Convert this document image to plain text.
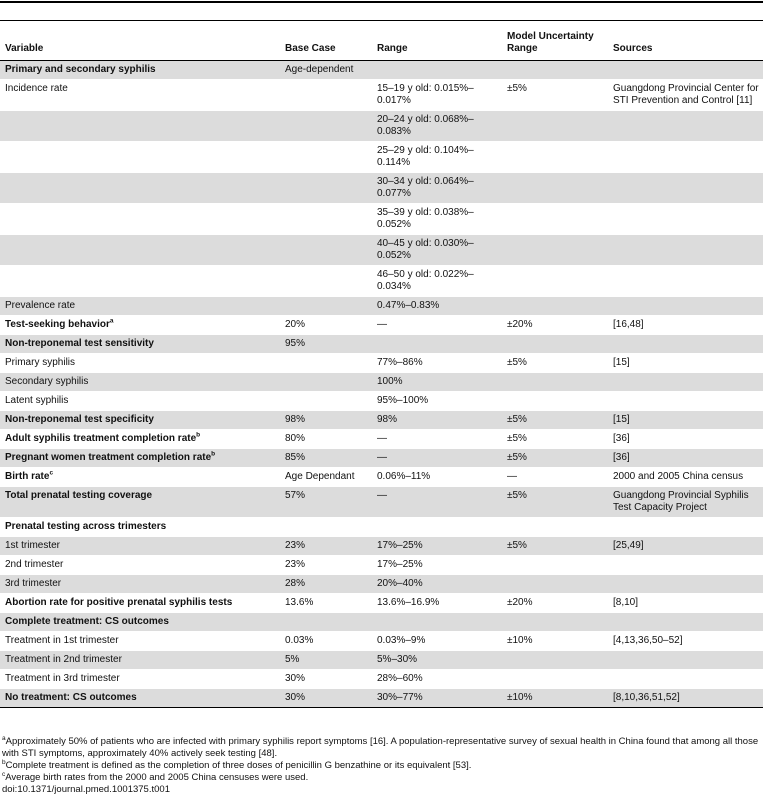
Variable	Base Case	Range	Model Uncertainty Range	Sources
Primary and secondary syphilis	Age-dependent			
Incidence rate		15–19 y old: 0.015%–0.017%	±5%	Guangdong Provincial Center for STI Prevention and Control [11]
		20–24 y old: 0.068%–0.083%		
		25–29 y old: 0.104%–0.114%		
		30–34 y old: 0.064%–0.077%		
		35–39 y old: 0.038%–0.052%		
		40–45 y old: 0.030%–0.052%		
		46–50 y old: 0.022%–0.034%		
Prevalence rate		0.47%–0.83%		
Test-seeking behavior$^a$	20%	—	±20%	[16,48]
Non-treponemal test sensitivity	95%			
Primary syphilis		77%–86%	±5%	[15]
Secondary syphilis		100%		
Latent syphilis		95%–100%		
Non-treponemal test specificity	98%	98%	±5%	[15]
Adult syphilis treatment completion rate$^b$	80%	—	±5%	[36]
Pregnant women treatment completion rate$^b$	85%	—	±5%	[36]
Birth rate$^c$	Age Dependant	0.06%–11%	—	2000 and 2005 China census
Total prenatal testing coverage	57%	—	±5%	Guangdong Provincial Syphilis Test Capacity Project
Prenatal testing across trimesters				
1st trimester	23%	17%–25%	±5%	[25,49]
2nd trimester	23%	17%–25%		
3rd trimester	28%	20%–40%		
Abortion rate for positive prenatal syphilis tests	13.6%	13.6%–16.9%	±20%	[8,10]
Complete treatment: CS outcomes				
Treatment in 1st trimester	0.03%	0.03%–9%	±10%	[4,13,36,50–52]
Treatment in 2nd trimester	5%	5%–30%		
Treatment in 3rd trimester	30%	28%–60%		
No treatment: CS outcomes	30%	30%–77%	±10%	[8,10,36,51,52]

$^a$Approximately 50% of patients who are infected with primary syphilis report symptoms [16]. A population-representative survey of sexual health in China found that among all those with STI symptoms, approximately 40% actively seek testing [48].

$^b$Complete treatment is defined as the completion of three doses of penicillin G benzathine or its equivalent [53].

$^c$Average birth rates from the 2000 and 2005 China censuses were used.

doi:10.1371/journal.pmed.1001375.t001
